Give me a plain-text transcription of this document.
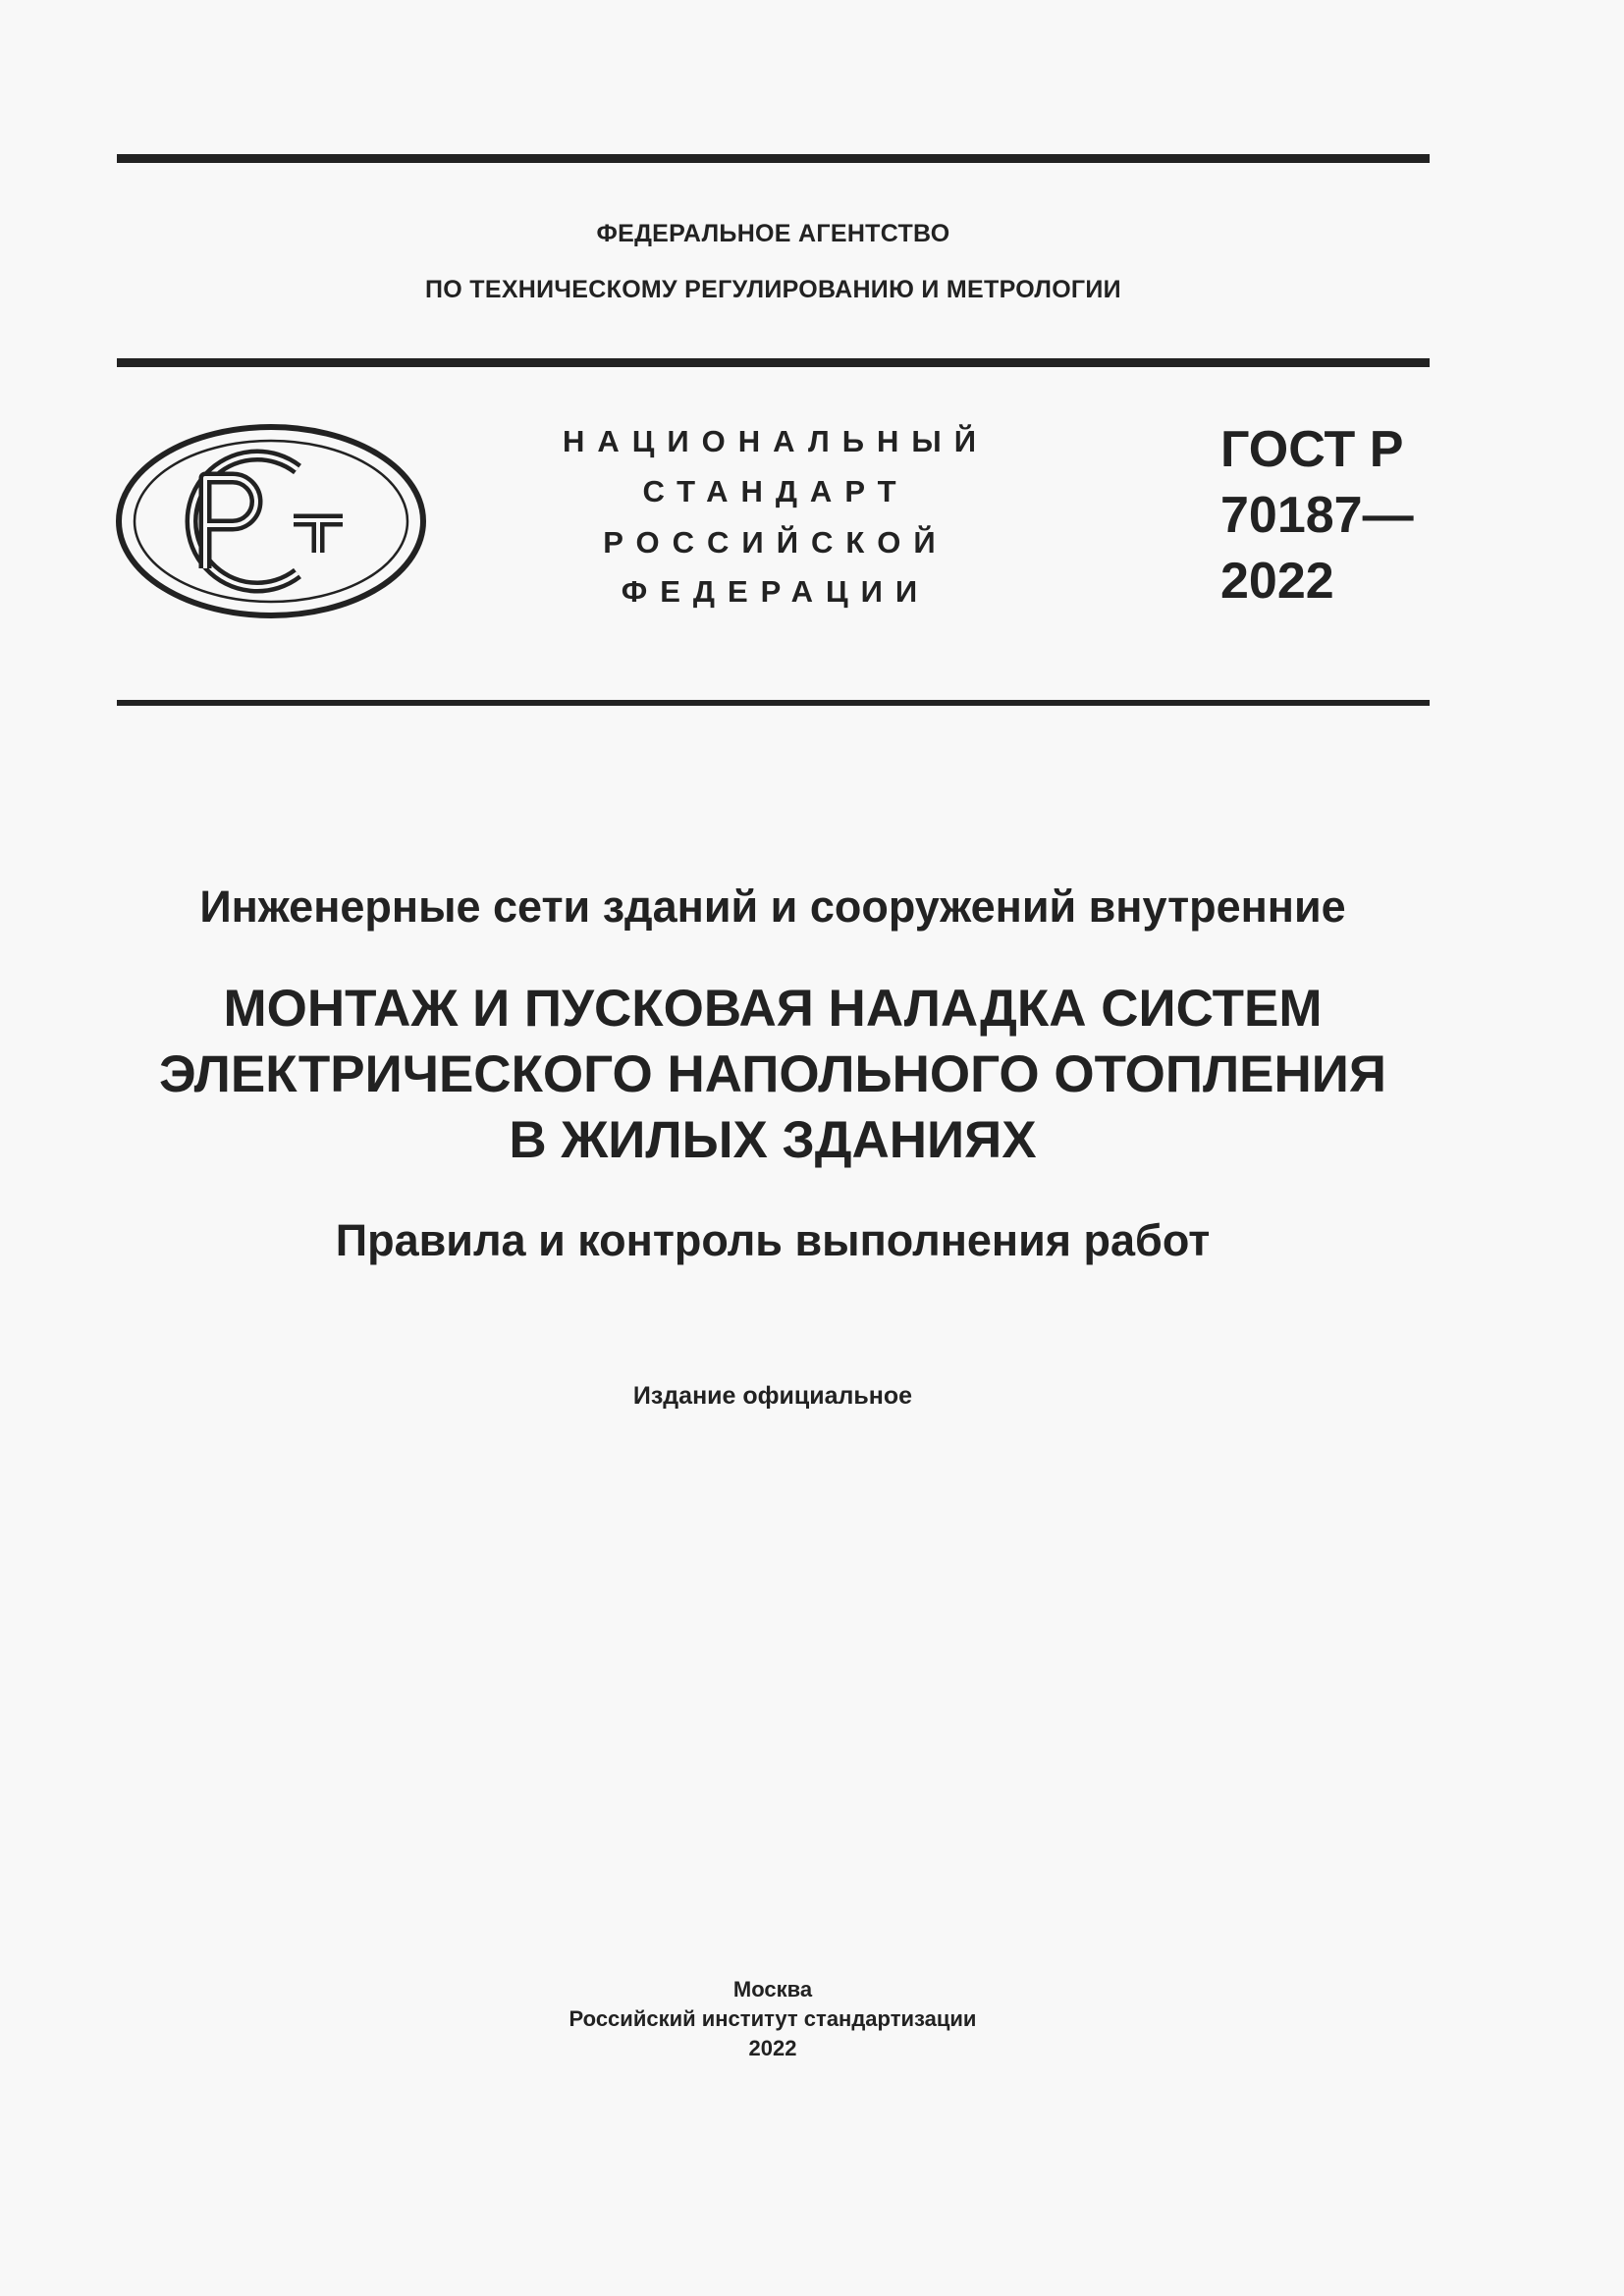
ФЕДЕРАЛЬНОЕ АГЕНТСТВО
ПО ТЕХНИЧЕСКОМУ РЕГУЛИРОВАНИЮ И МЕТРОЛОГИИ
НАЦИОНАЛЬНЫЙ
СТАНДАРТ
РОССИЙСКОЙ
ФЕДЕРАЦИИ
ГОСТ Р
70187—
2022
Инженерные сети зданий и сооружений внутренние
МОНТАЖ И ПУСКОВАЯ НАЛАДКА СИСТЕМ
ЭЛЕКТРИЧЕСКОГО НАПОЛЬНОГО ОТОПЛЕНИЯ
В ЖИЛЫХ ЗДАНИЯХ
Правила и контроль выполнения работ
Издание официальное
Москва
Российский институт стандартизации
2022
